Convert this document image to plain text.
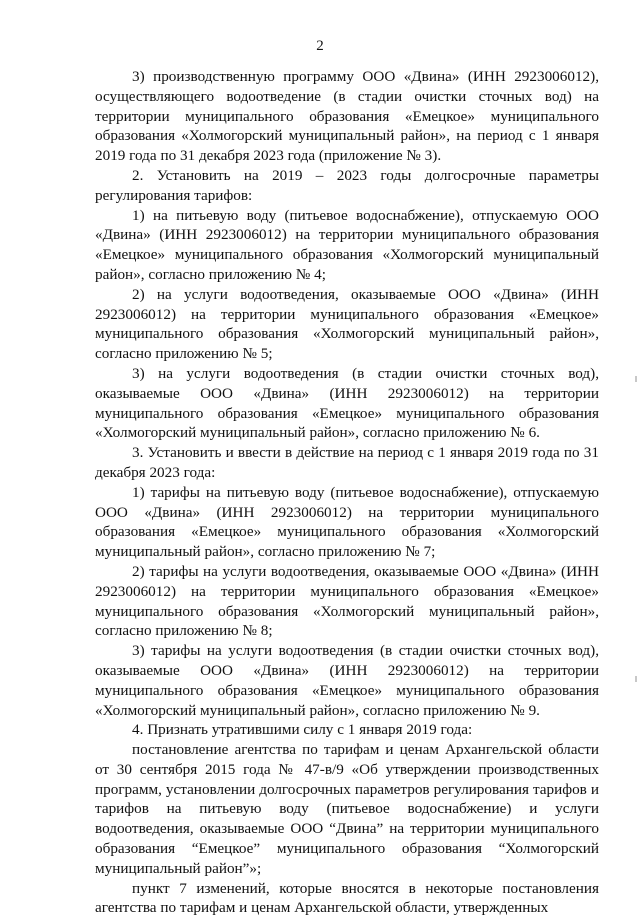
2

3) производственную программу ООО «Двина» (ИНН 2923006012), осуществляющего водоотведение (в стадии очистки сточных вод) на территории муниципального образования «Емецкое» муниципального образования «Холмогорский муниципальный район», на период с 1 января 2019 года по 31 декабря 2023 года (приложение № 3).

2. Установить на 2019 – 2023 годы долгосрочные параметры регулирования тарифов:

1) на питьевую воду (питьевое водоснабжение), отпускаемую ООО «Двина» (ИНН 2923006012) на территории муниципального образования «Емецкое» муниципального образования «Холмогорский муниципальный район», согласно приложению № 4;

2) на услуги водоотведения, оказываемые ООО «Двина» (ИНН 2923006012) на территории муниципального образования «Емецкое» муниципального образования «Холмогорский муниципальный район», согласно приложению № 5;

3) на услуги водоотведения (в стадии очистки сточных вод), оказываемые ООО «Двина» (ИНН 2923006012) на территории муниципального образования «Емецкое» муниципального образования «Холмогорский муниципальный район», согласно приложению № 6.

3. Установить и ввести в действие на период с 1 января 2019 года по 31 декабря 2023 года:

1) тарифы на питьевую воду (питьевое водоснабжение), отпускаемую ООО «Двина» (ИНН 2923006012) на территории муниципального образования «Емецкое» муниципального образования «Холмогорский муниципальный район», согласно приложению № 7;

2) тарифы на услуги водоотведения, оказываемые ООО «Двина» (ИНН 2923006012) на территории муниципального образования «Емецкое» муниципального образования «Холмогорский муниципальный район», согласно приложению № 8;

3) тарифы на услуги водоотведения (в стадии очистки сточных вод), оказываемые ООО «Двина» (ИНН 2923006012) на территории муниципального образования «Емецкое» муниципального образования «Холмогорский муниципальный район», согласно приложению № 9.

4. Признать утратившими силу с 1 января 2019 года:

постановление агентства по тарифам и ценам Архангельской области от 30 сентября 2015 года № 47-в/9 «Об утверждении производственных программ, установлении долгосрочных параметров регулирования тарифов и тарифов на питьевую воду (питьевое водоснабжение) и услуги водоотведения, оказываемые ООО “Двина” на территории муниципального образования “Емецкое” муниципального образования “Холмогорский муниципальный район”»;

пункт 7 изменений, которые вносятся в некоторые постановления агентства по тарифам и ценам Архангельской области, утвержденных
